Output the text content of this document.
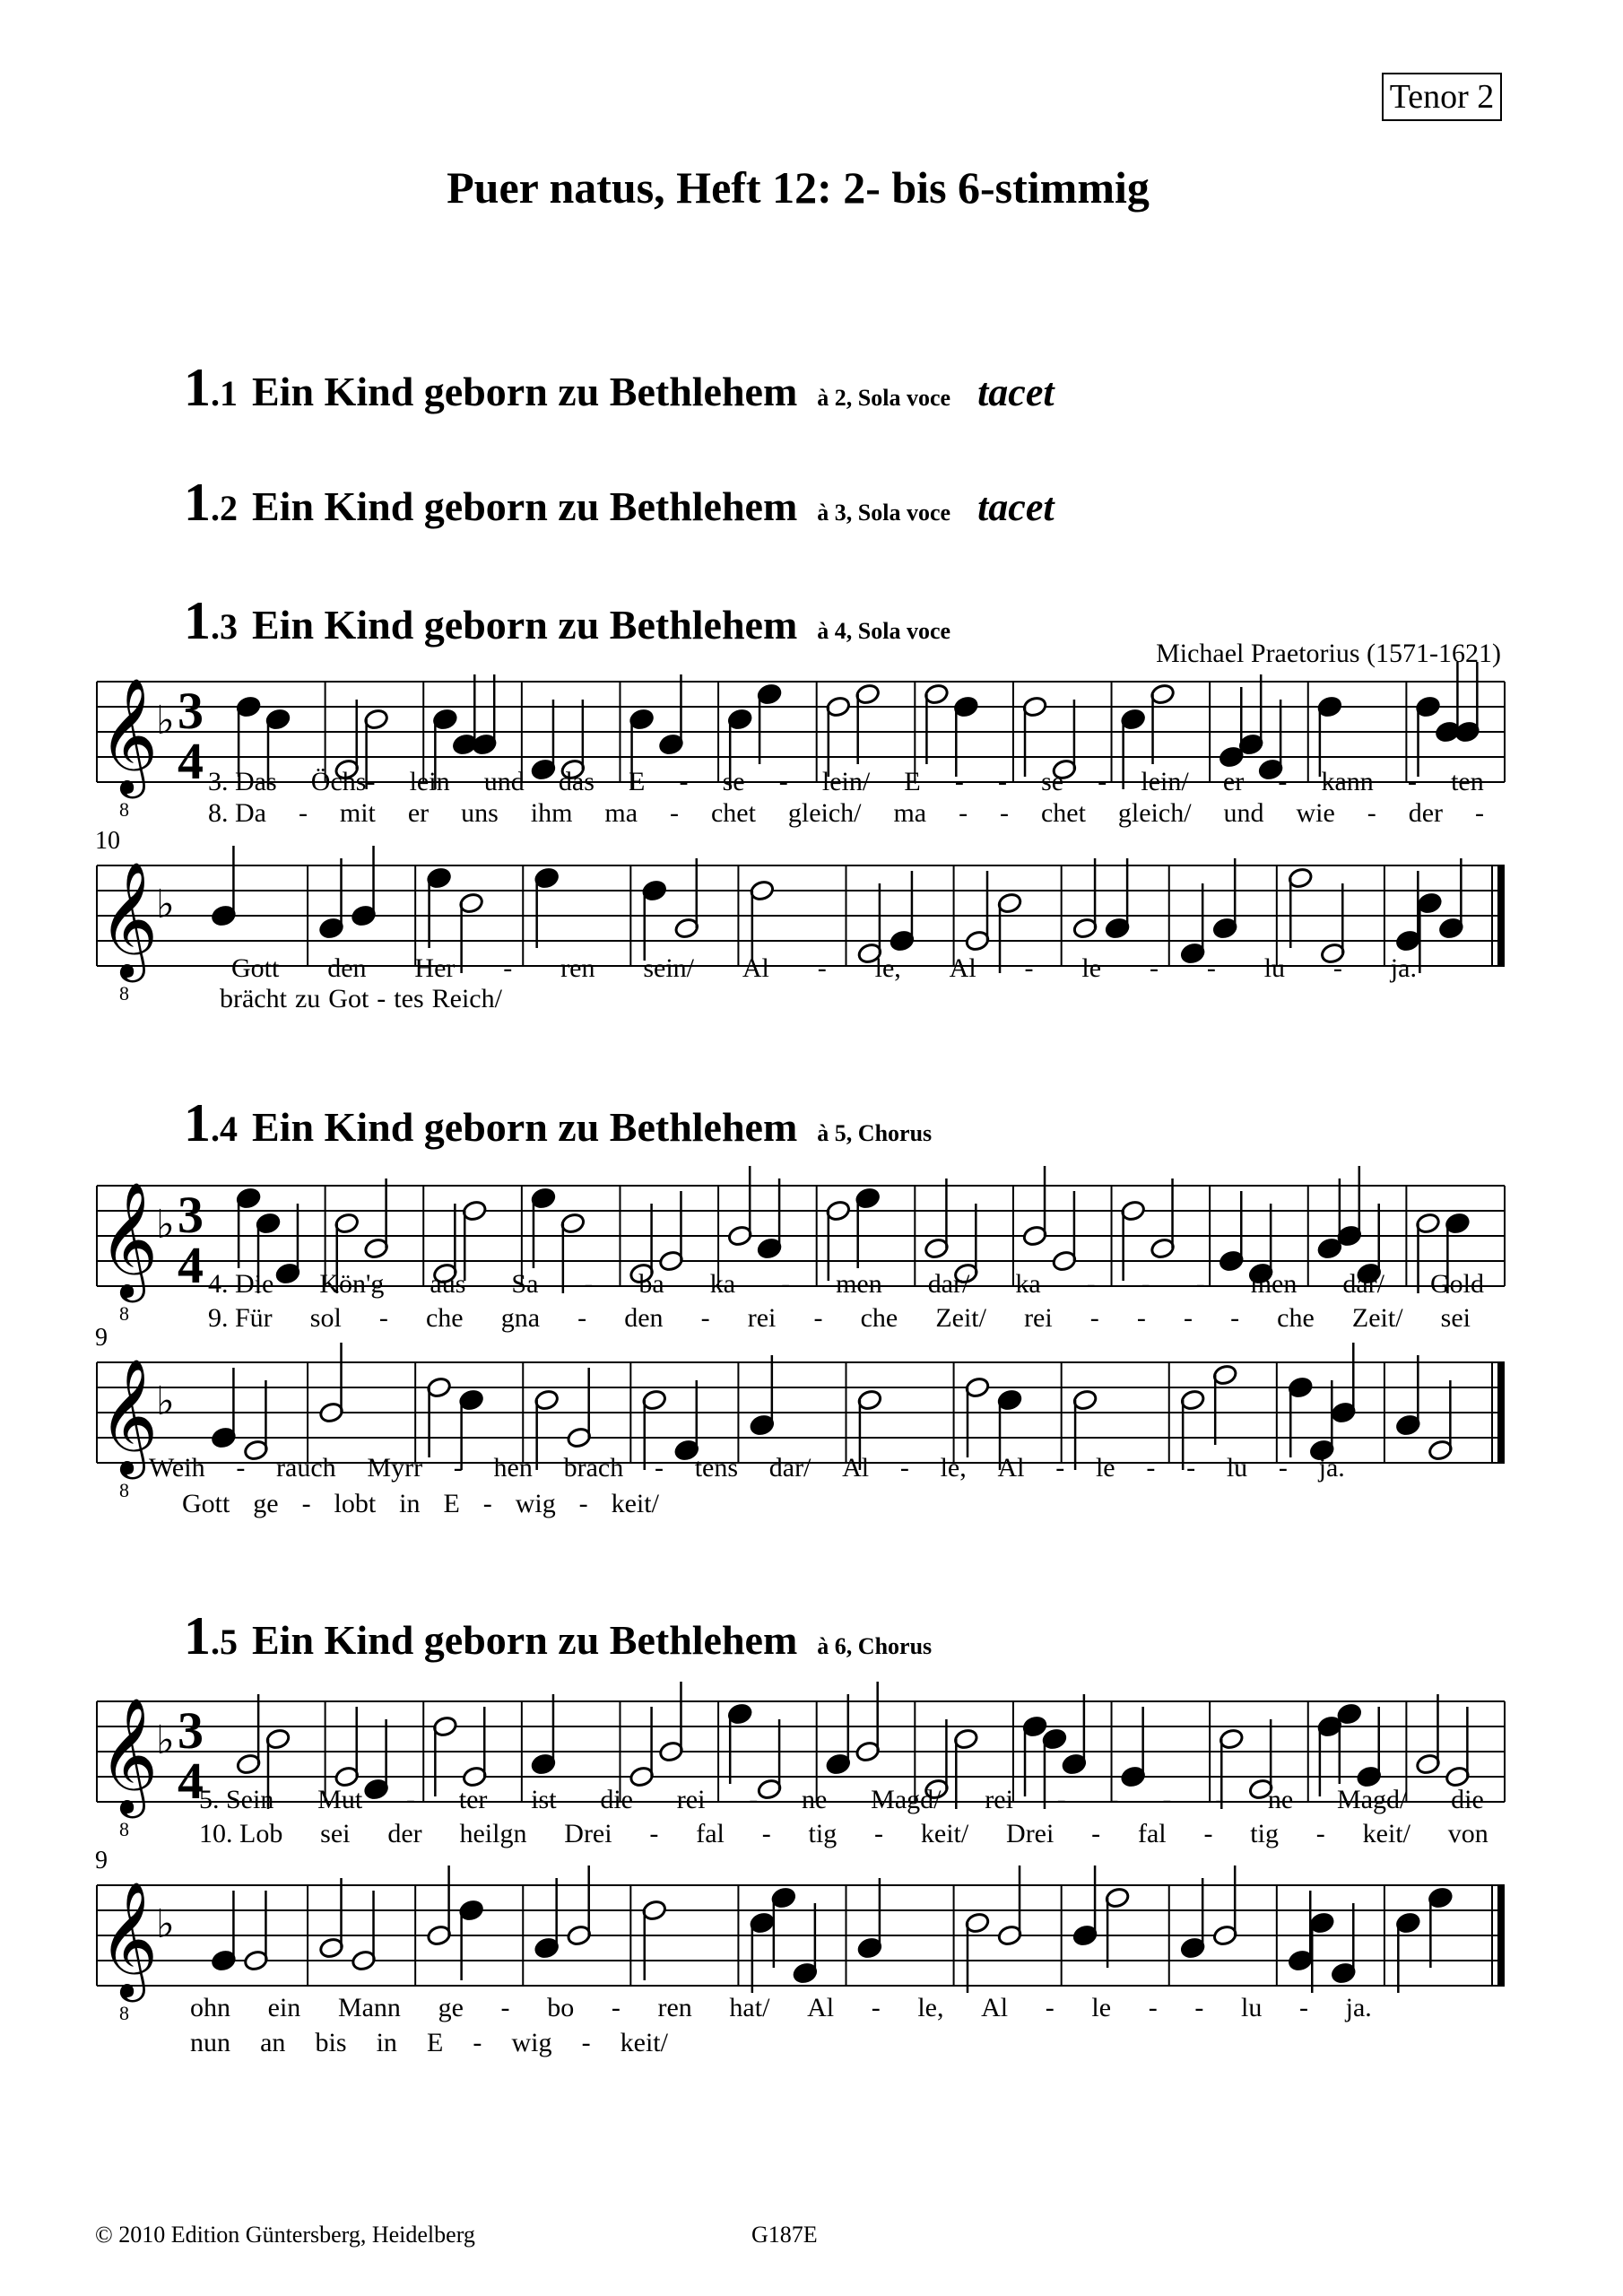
Tenor 2
Puer natus, Heft 12: 2- bis 6-stimmig
1.1 Ein Kind geborn zu Bethlehem à 2, Sola voce tacet
1.2 Ein Kind geborn zu Bethlehem à 3, Sola voce tacet
1.3 Ein Kind geborn zu Bethlehem à 4, Sola voce
Michael Praetorius (1571-1621)
𝄞
8
♭ 3
4 3. Das Öchs- lein und das E - se - lein/ E - - se - lein/ er - kann - ten
8. Da - mit er uns ihm ma - chet gleich/ ma - - chet gleich/ und wie - der -
10
𝄞
8
♭
Gott den Her - ren sein/ Al - le, Al - le - - lu - ja.
brächt zu Got - tes Reich/
1.4 Ein Kind geborn zu Bethlehem à 5, Chorus
𝄞
8
♭ 3
4 4. Die Kön'g aus Sa - ba ka - men dar/ ka - - - men dar/ Gold
9. Für sol - che gna - den - rei - che Zeit/ rei - - - - che Zeit/ sei
9
𝄞
8
♭
Weih - rauch Myrr - hen brach - tens dar/ Al - le, Al - le - - lu - ja.
Gott ge - lobt in E - wig - keit/
1.5 Ein Kind geborn zu Bethlehem à 6, Chorus
𝄞
8
♭ 3
4
5. Sein Mut - ter ist die rei - ne Magd/ rei - - - - ne Magd/ die
10. Lob sei der heilgn Drei - fal - tig - keit/ Drei - fal - tig - keit/ von
9
𝄞
8
♭
ohn ein Mann ge - bo - ren hat/ Al - le, Al - le - - lu - ja.
nun an bis in E - wig - keit/
© 2010 Edition Güntersberg, Heidelberg	G187E
